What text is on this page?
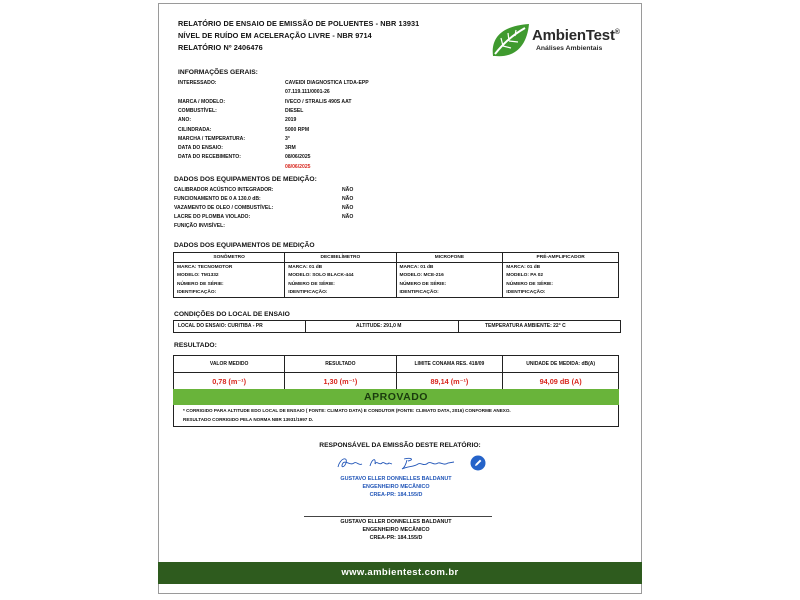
RELATÓRIO DE ENSAIO DE EMISSÃO DE POLUENTES - NBR 13931
NÍVEL DE RUÍDO EM ACELERAÇÃO LIVRE - NBR 9714
RELATÓRIO Nº 2406476
AmbienTest®
Análises Ambientais
INFORMAÇÕES GERAIS:
DADOS DOS EQUIPAMENTOS DE MEDIÇÃO:
DADOS DOS EQUIPAMENTOS DE MEDIÇÃO
SONÔMETRO	DECIBELÍMETRO	MICROFONE	PRÉ-AMPLIFICADOR
MARCA: TECNOMOTOR	MARCA: 01 dB	MARCA: 01 dB	MARCA: 01 dB
MODELO: TM1332	MODELO: SOLO BLACK-444	MODELO: MCE-216	MODELO: PA 02
NÚMERO DE SÉRIE:	NÚMERO DE SÉRIE:	NÚMERO DE SÉRIE:	NÚMERO DE SÉRIE:
IDENTIFICAÇÃO:	IDENTIFICAÇÃO:	IDENTIFICAÇÃO:	IDENTIFICAÇÃO:
CONDIÇÕES DO LOCAL DE ENSAIO
LOCAL DO ENSAIO: CURITIBA - PR	ALTITUDE: 291,0 M	TEMPERATURA AMBIENTE: 22° C
RESULTADO:
VALOR MEDIDO	RESULTADO	LIMITE CONAMA RES. 418/09	UNIDADE DE MEDIDA: dB(A)
0,78 (m⁻¹)	1,30 (m⁻¹)	89,14 (m⁻¹)	94,09 dB (A)
APROVADO
* CORRIGIDO PARA ALTITUDE EDO LOCAL DE ENSAIO ( FONTE: CLIMATO DATA) E CONDUTOR (FONTE: CLIMATO DATA, 2016) CONFORME ANEXO.
RESULTADO CORRIGIDO PELA NORMA NBR 13931/1997 D.
RESPONSÁVEL DA EMISSÃO DESTE RELATÓRIO:
GUSTAVO ELLER DONNELLES BALDANUT
ENGENHEIRO MECÂNICO
CREA-PR: 184.155/D
GUSTAVO ELLER DONNELLES BALDANUT
ENGENHEIRO MECÂNICO
CREA-PR: 184.155/D
www.ambientest.com.br
INTERESSADO:	CAVEIDI DIAGNOSTICA LTDA-EPP
07.119.111/0001-26
MARCA / MODELO:	IVECO / STRALIS 490S AAT
COMBUSTÍVEL:	DIESEL
ANO:	2019
CILINDRADA:	5000 RPM
MARCHA / TEMPERATURA:	3°
DATA DO ENSAIO:	3RM
DATA DO RECEBIMENTO:	08/06/2025
08/06/2025
CALIBRADOR ACÚSTICO INTEGRADOR:	NÃO
FUNCIONAMENTO DE 0 A 130.0 dB:	NÃO
VAZAMENTO DE OLEO / COMBUSTÍVEL:	NÃO
LACRE DO PLOMBA VIOLADO:	NÃO
FUNIÇÃO INVISÍVEL:
